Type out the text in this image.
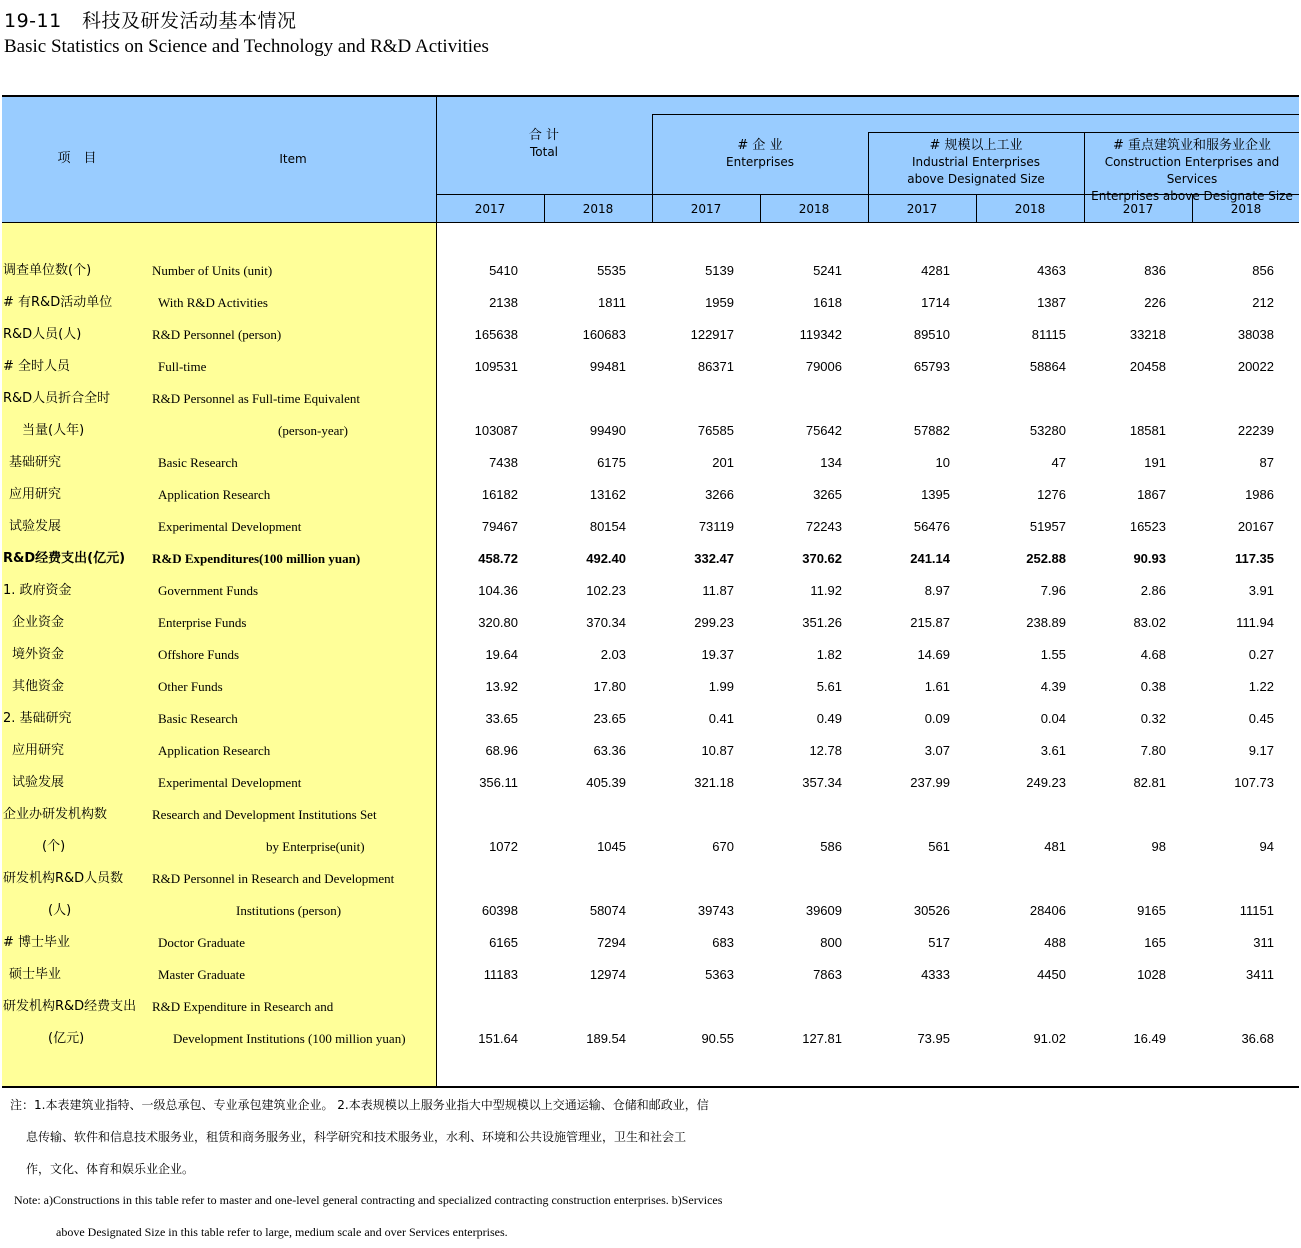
19-11 科技及研发活动基本情况
Basic Statistics on Science and Technology and R&D Activities
项　目	Item
合 计
Total	# 企 业
Enterprises
# 规模以上工业
Industrial Enterprises
above Designated Size
# 重点建筑业和服务业企业
Construction Enterprises and Services
Enterprises above Designate Size
2017	2018	2017	2018	2017	2018	2017	2018
调查单位数(个)	Number of Units (unit)	5410	5535	5139	5241	4281	4363	836	856
# 有R&D活动单位	With R&D Activities	2138	1811	1959	1618	1714	1387	226	212
R&D人员(人)	R&D Personnel (person)	165638	160683	122917	119342	89510	81115	33218	38038
# 全时人员	Full-time	109531	99481	86371	79006	65793	58864	20458	20022
R&D人员折合全时	R&D Personnel as Full-time Equivalent
当量(人年)	(person-year)	103087	99490	76585	75642	57882	53280	18581	22239
基础研究	Basic Research	7438	6175	201	134	10	47	191	87
应用研究	Application Research	16182	13162	3266	3265	1395	1276	1867	1986
试验发展	Experimental Development	79467	80154	73119	72243	56476	51957	16523	20167
R&D经费支出(亿元) R&D Expenditures(100 million yuan)	458.72	492.40	332.47	370.62	241.14	252.88	90.93	117.35
1. 政府资金	Government Funds	104.36	102.23	11.87	11.92	8.97	7.96	2.86	3.91
企业资金	Enterprise Funds	320.80	370.34	299.23	351.26	215.87	238.89	83.02	111.94
境外资金	Offshore Funds	19.64	2.03	19.37	1.82	14.69	1.55	4.68	0.27
其他资金	Other Funds	13.92	17.80	1.99	5.61	1.61	4.39	0.38	1.22
2. 基础研究	Basic Research	33.65	23.65	0.41	0.49	0.09	0.04	0.32	0.45
应用研究	Application Research	68.96	63.36	10.87	12.78	3.07	3.61	7.80	9.17
试验发展	Experimental Development	356.11	405.39	321.18	357.34	237.99	249.23	82.81	107.73
企业办研发机构数	Research and Development Institutions Set
(个)	by Enterprise(unit)	1072	1045	670	586	561	481	98	94
研发机构R&D人员数 R&D Personnel in Research and Development
(人)	Institutions (person)	60398	58074	39743	39609	30526	28406	9165	11151
# 博士毕业	Doctor Graduate	6165	7294	683	800	517	488	165	311
硕士毕业	Master Graduate	11183	12974	5363	7863	4333	4450	1028	3411
研发机构R&D经费支出 R&D Expenditure in Research and
(亿元)	Development Institutions (100 million yuan)	151.64	189.54	90.55	127.81	73.95	91.02	16.49	36.68
注：1.本表建筑业指特、一级总承包、专业承包建筑业企业。 2.本表规模以上服务业指大中型规模以上交通运输、仓储和邮政业，信
息传输、软件和信息技术服务业，租赁和商务服务业，科学研究和技术服务业，水利、环境和公共设施管理业，卫生和社会工
作，文化、体育和娱乐业企业。
Note: a)Constructions in this table refer to master and one-level general contracting and specialized contracting construction enterprises. b)Services
above Designated Size in this table refer to large, medium scale and over Services enterprises.
